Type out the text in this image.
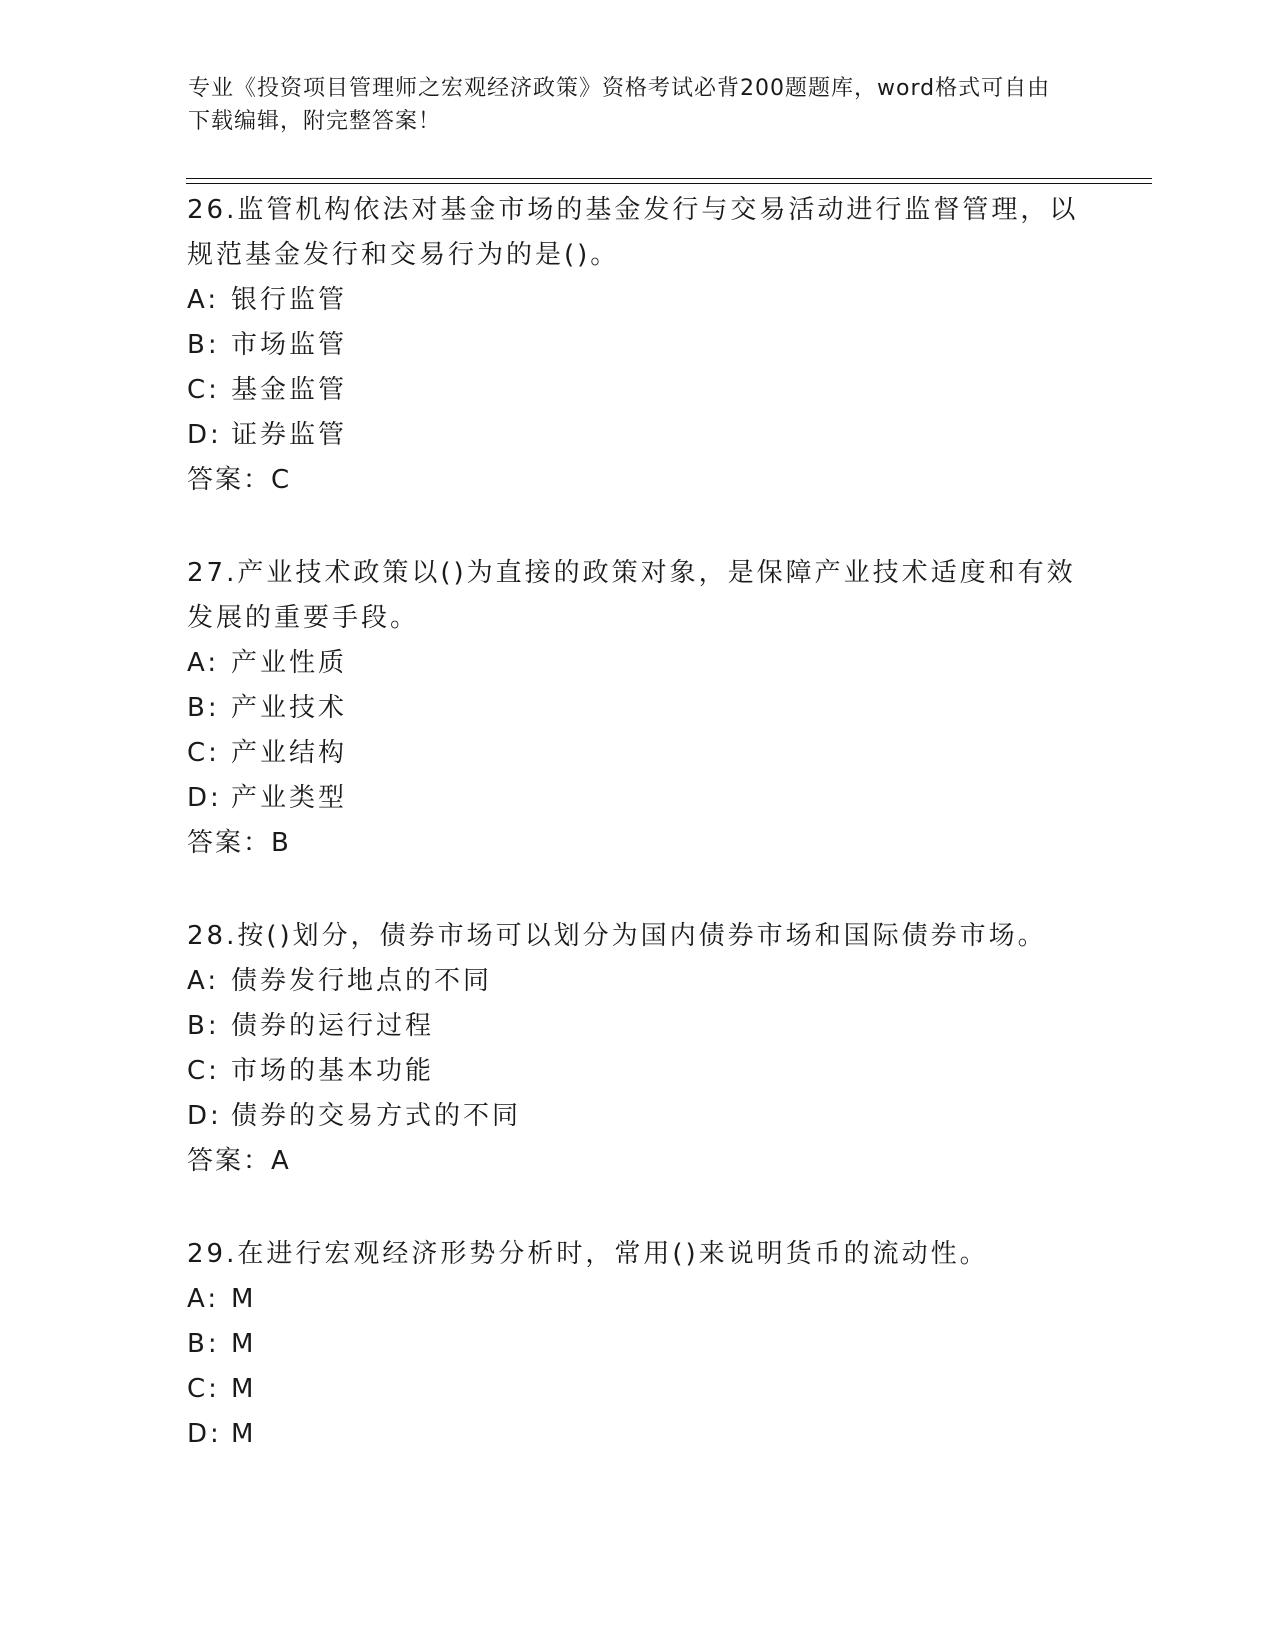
专业《投资项目管理师之宏观经济政策》资格考试必背200题题库，word格式可自由下载编辑，附完整答案！

26.监管机构依法对基金市场的基金发行与交易活动进行监督管理，以规范基金发行和交易行为的是()。

A: 银行监管

B: 市场监管

C: 基金监管

D: 证券监管

答案：C

27.产业技术政策以()为直接的政策对象，是保障产业技术适度和有效发展的重要手段。

A: 产业性质

B: 产业技术

C: 产业结构

D: 产业类型

答案：B

28.按()划分，债券市场可以划分为国内债券市场和国际债券市场。

A: 债券发行地点的不同

B: 债券的运行过程

C: 市场的基本功能

D: 债券的交易方式的不同

答案：A

29.在进行宏观经济形势分析时，常用()来说明货币的流动性。

A: M

B: M

C: M

D: M
